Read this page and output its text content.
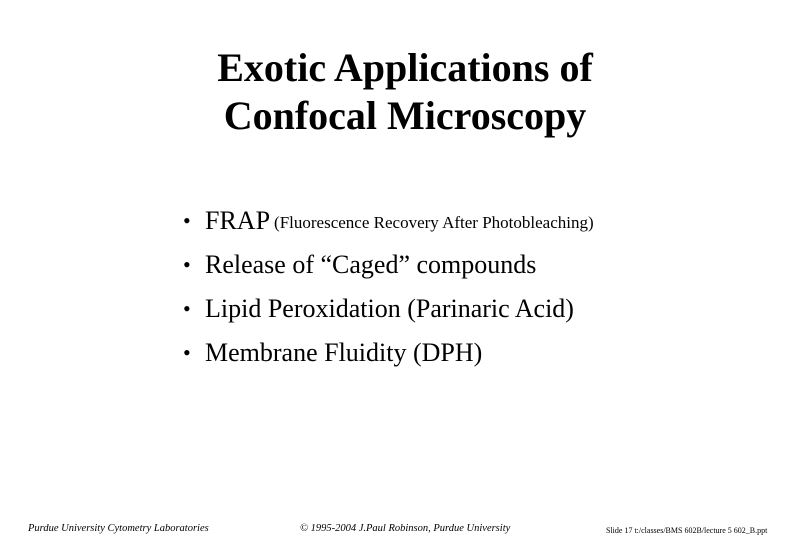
Exotic Applications of
Confocal Microscopy
• FRAP (Fluorescence Recovery After Photobleaching)
• Release of “Caged” compounds
• Lipid Peroxidation (Parinaric Acid)
• Membrane Fluidity (DPH)
Purdue University Cytometry Laboratories	© 1995-2004 J.Paul Robinson, Purdue University	Slide 17 t:/classes/BMS 602B/lecture 5 602_B.ppt
